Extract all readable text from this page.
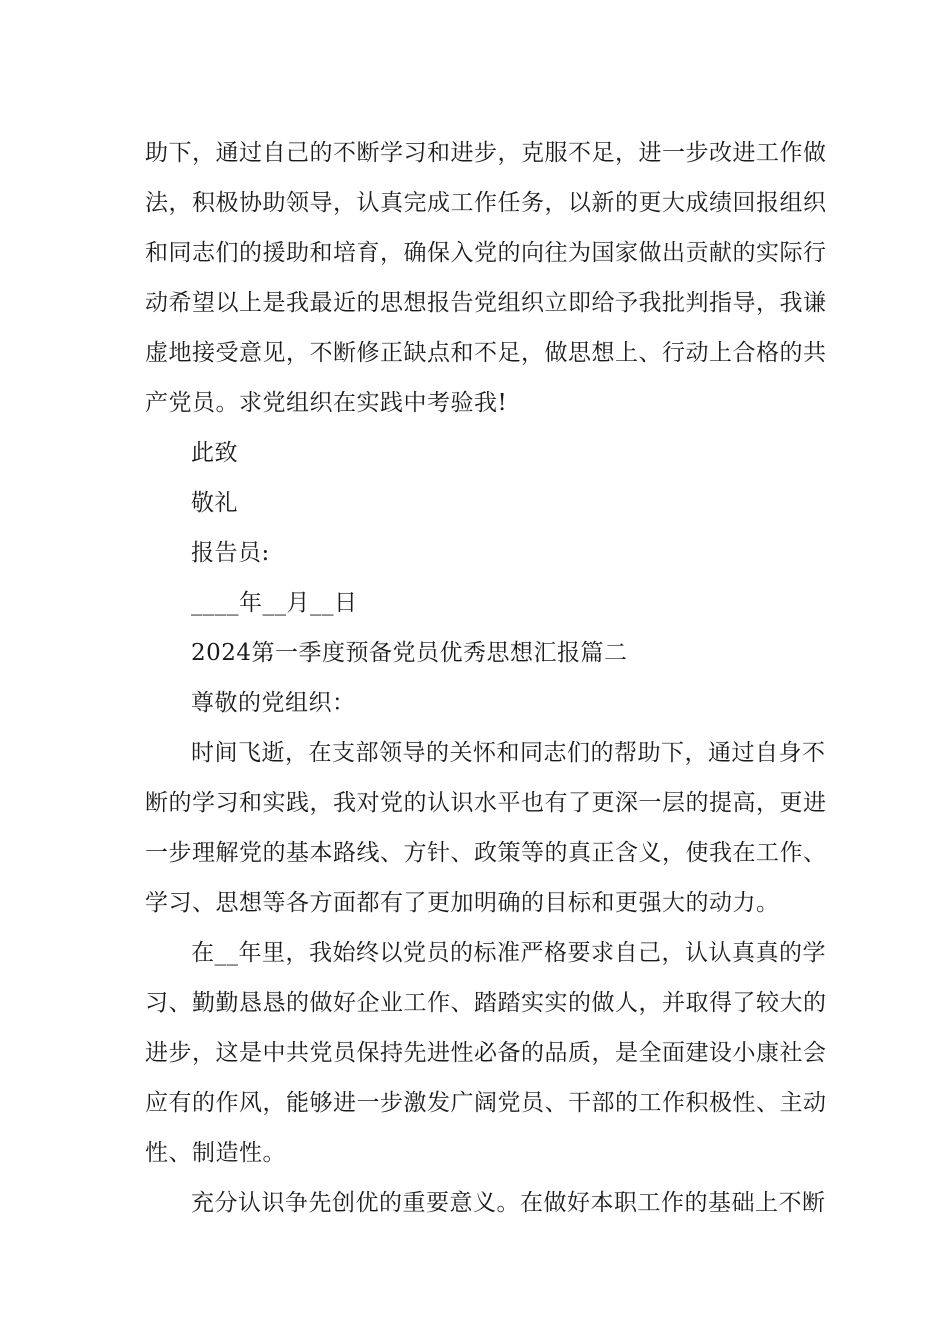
助下，通过自己的不断学习和进步，克服不足，进一步改进工作做
法，积极协助领导，认真完成工作任务，以新的更大成绩回报组织
和同志们的援助和培育，确保入党的向往为国家做出贡献的实际行
动希望以上是我最近的思想报告党组织立即给予我批判指导，我谦
虚地接受意见，不断修正缺点和不足，做思想上、行动上合格的共
产党员。求党组织在实践中考验我!
此致
敬礼
报告员:
____年__月__日
2024第一季度预备党员优秀思想汇报篇二
尊敬的党组织：
时间飞逝，在支部领导的关怀和同志们的帮助下，通过自身不
断的学习和实践，我对党的认识水平也有了更深一层的提高，更进
一步理解党的基本路线、方针、政策等的真正含义，使我在工作、
学习、思想等各方面都有了更加明确的目标和更强大的动力。
在__年里，我始终以党员的标准严格要求自己，认认真真的学
习、勤勤恳恳的做好企业工作、踏踏实实的做人，并取得了较大的
进步，这是中共党员保持先进性必备的品质，是全面建设小康社会
应有的作风，能够进一步激发广阔党员、干部的工作积极性、主动
性、制造性。
充分认识争先创优的重要意义。在做好本职工作的基础上不断
